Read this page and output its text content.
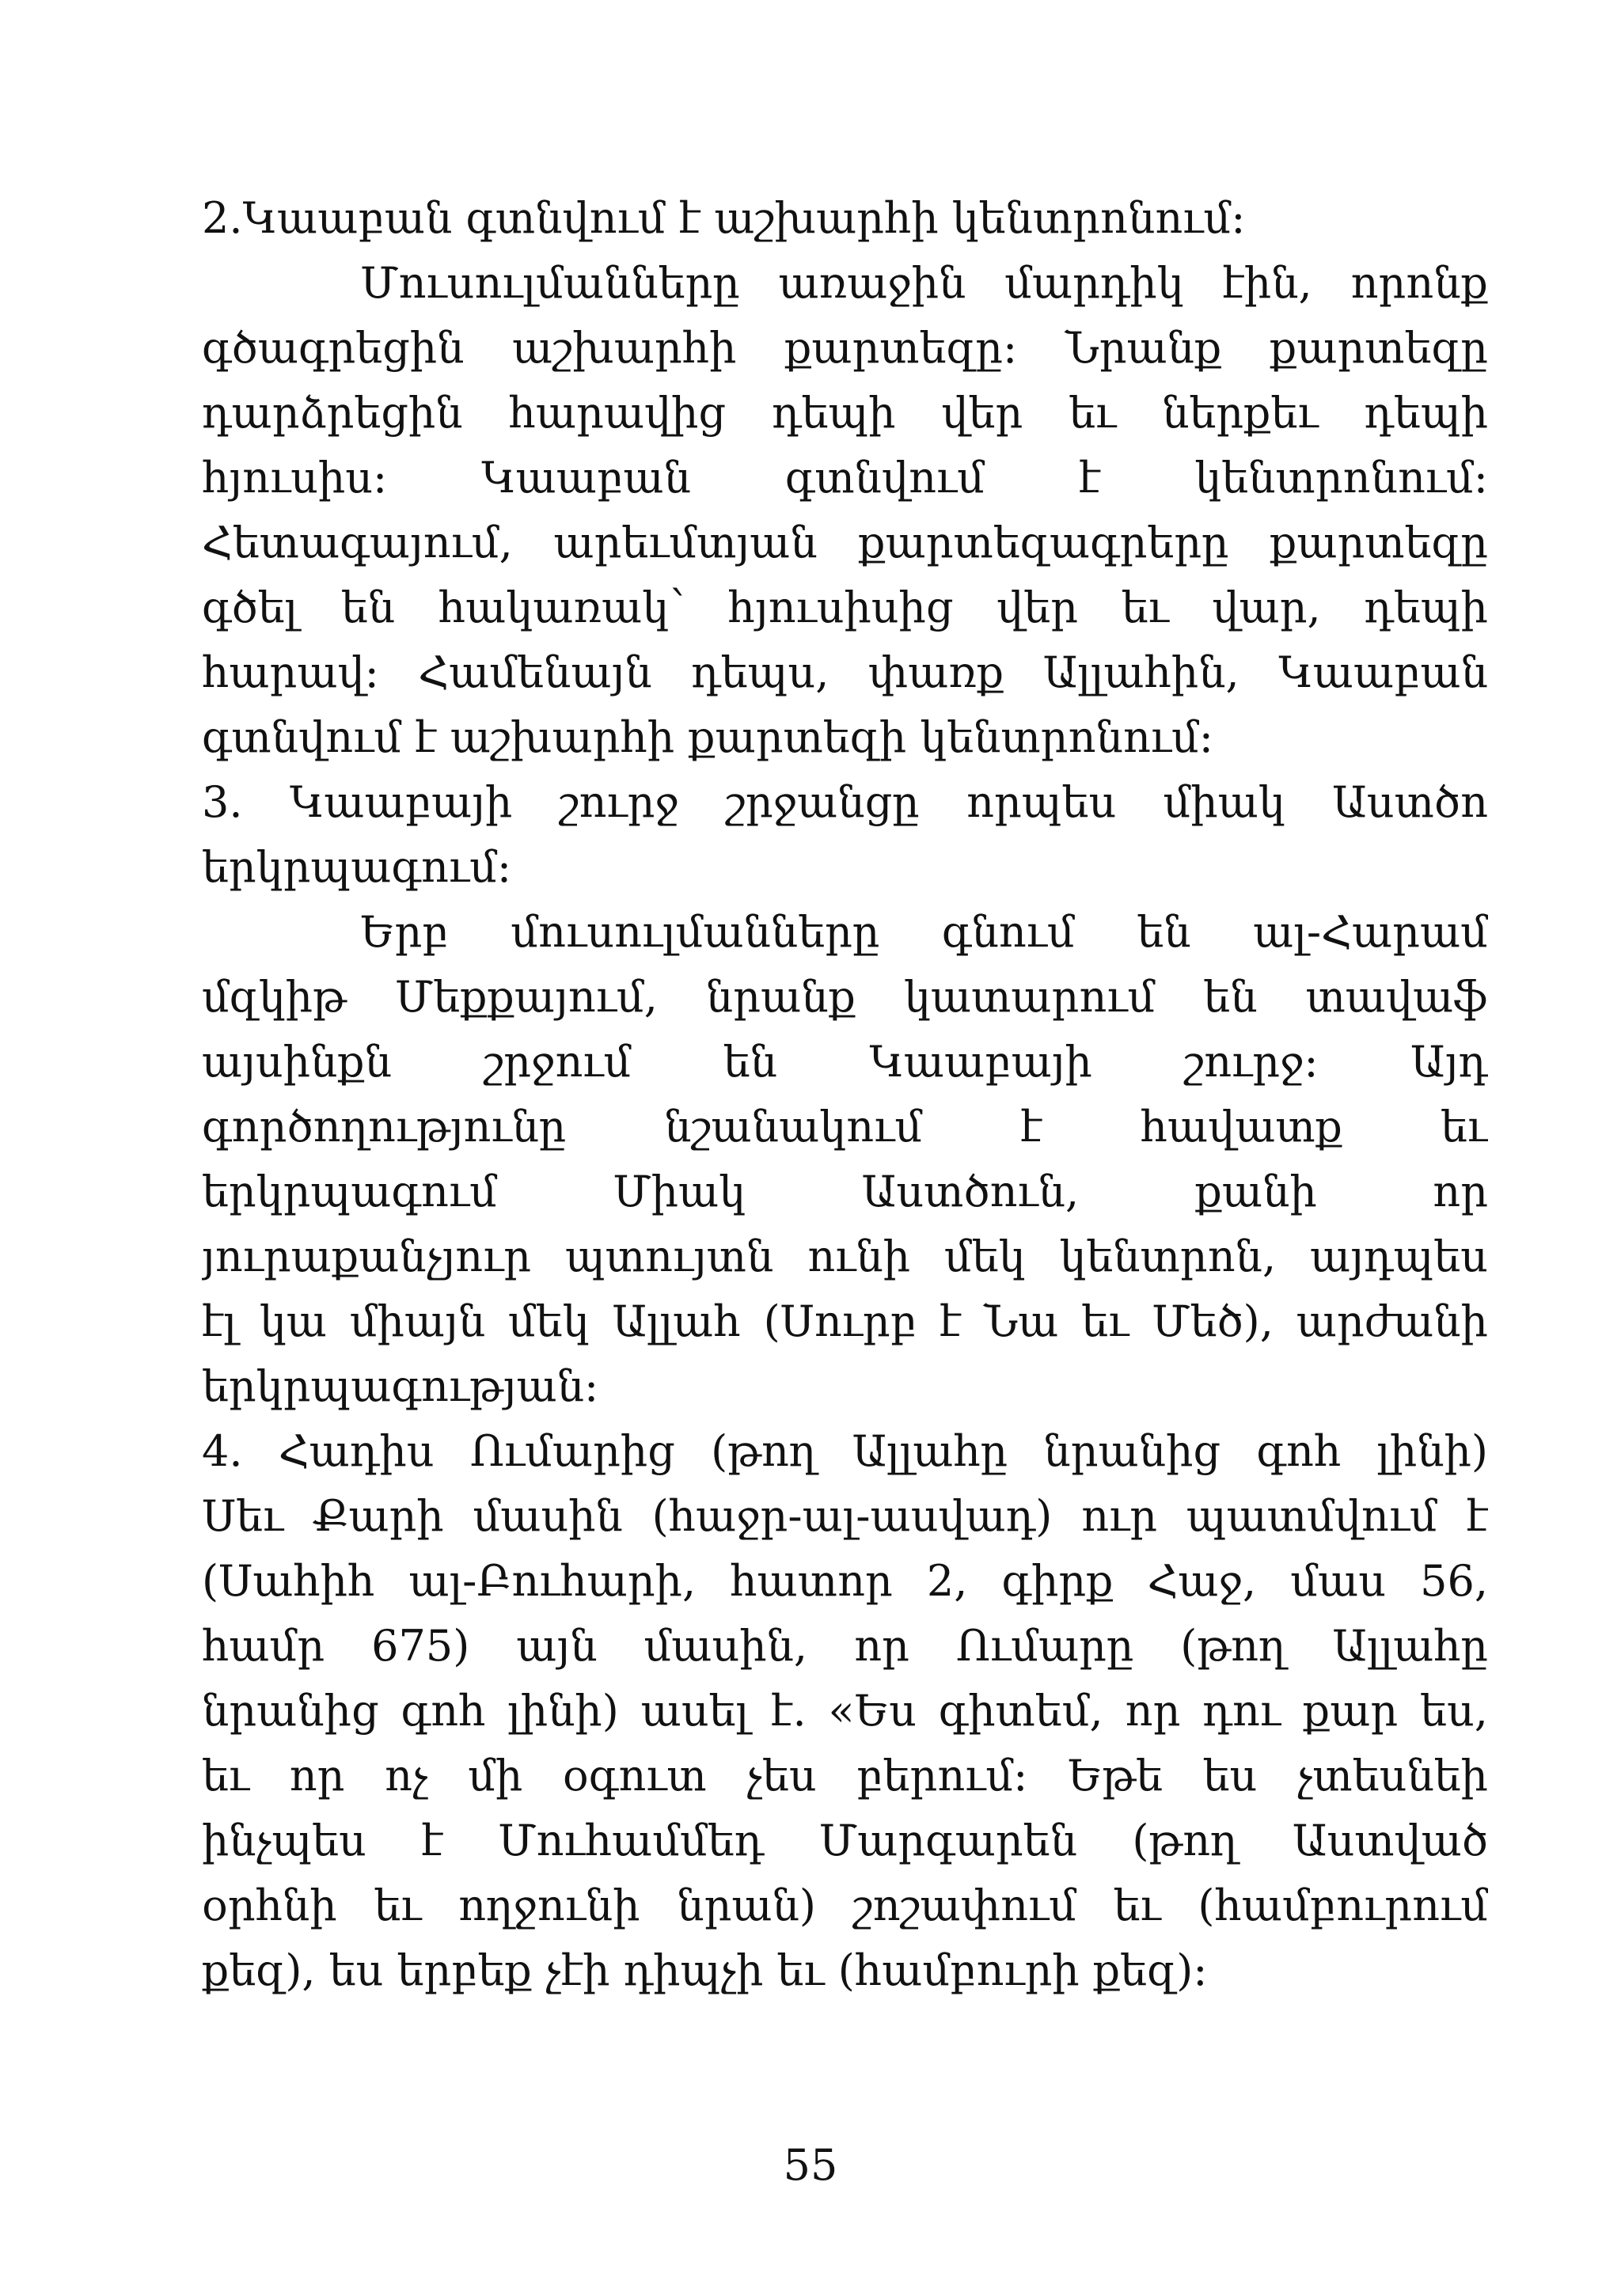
2.Կաաբան գտնվում է աշխարհի կենտրոնում:
Մուսուլմանները առաջին մարդիկ էին, որոնք
գծագրեցին աշխարհի քարտեզը: Նրանք քարտեզը
դարձրեցին հարավից դեպի վեր եւ ներքեւ դեպի
հյուսիս: Կաաբան գտնվում է կենտրոնում:
Հետագայում, արեւմտյան քարտեզագրերը քարտեզը
գծել են հակառակ՝ հյուսիսից վեր եւ վար, դեպի
հարավ: Համենայն դեպս, փառք Ալլահին, Կաաբան
գտնվում է աշխարհի քարտեզի կենտրոնում:
3. Կաաբայի շուրջ շրջանցը որպես միակ Աստծո
երկրպագում:
Երբ մուսուլմանները գնում են ալ-Հարամ
մզկիթ Մեքքայում, նրանք կատարում են տավաֆ
այսինքն շրջում են Կաաբայի շուրջ: Այդ
գործողությունը նշանակում է հավատք եւ
երկրպագում	Միակ	Աստծուն,	քանի	որ
յուրաքանչյուր պտույտն ունի մեկ կենտրոն, այդպես
էլ կա միայն մեկ Ալլահ (Սուրբ է Նա եւ Մեծ), արժանի
երկրպագության:
4. Հադիս Ումարից (թող Ալլահը նրանից գոհ լինի)
Սեւ Քարի մասին (հաջր-ալ-ասվադ) ուր պատմվում է
(Սահիհ ալ-Բուհարի, հատոր 2, գիրք Հաջ, մաս 56,
համր 675) այն մասին, որ Ումարը (թող Ալլահը
նրանից գոհ լինի) ասել է. «Ես գիտեմ, որ դու քար ես,
եւ որ ոչ մի օգուտ չես բերում: Եթե ես չտեսնեի
ինչպես է Մուհամմեդ Մարգարեն (թող Աստված
օրհնի եւ ողջունի նրան) շոշափում եւ (համբուրում
քեզ), ես երբեք չէի դիպչի եւ (համբուրի քեզ):
55
